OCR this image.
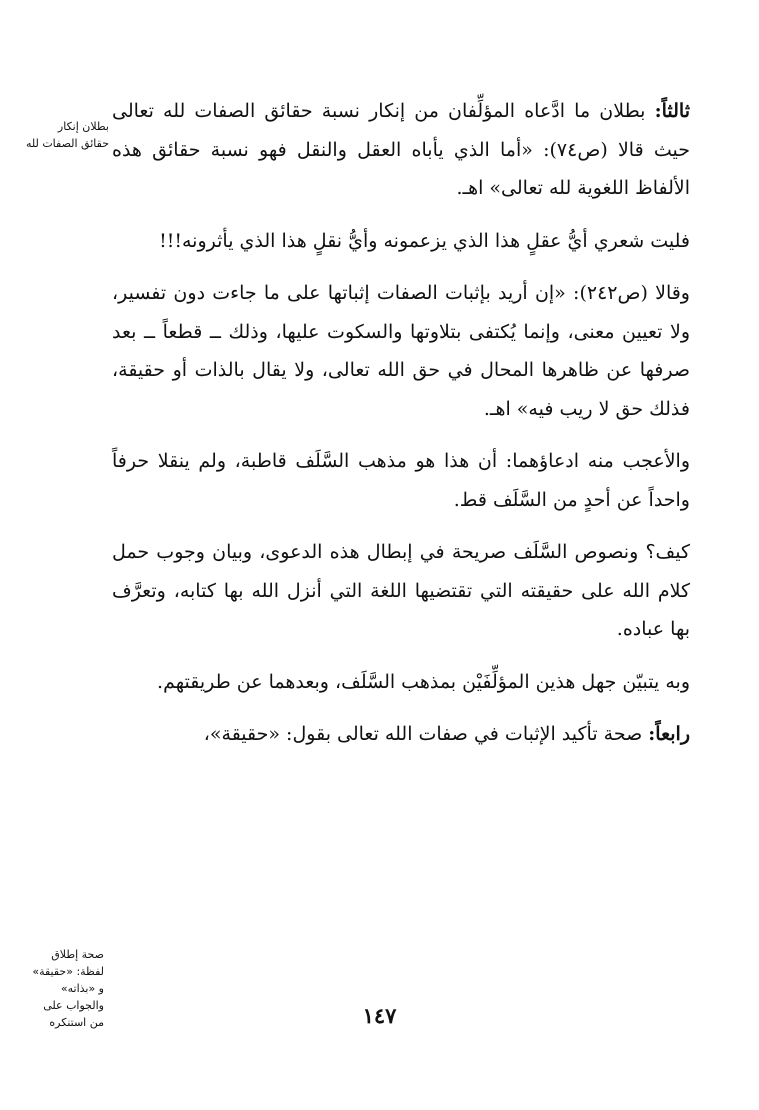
بطلان إنكار
حقائق الصفات لله

ثالثاً: بطلان ما ادَّعاه المؤلِّفان من إنكار نسبة حقائق الصفات لله تعالى حيث قالا (ص٧٤): «أما الذي يأباه العقل والنقل فهو نسبة حقائق هذه الألفاظ اللغوية لله تعالى» اهـ.

فليت شعري أيُّ عقلٍ هذا الذي يزعمونه وأيُّ نقلٍ هذا الذي يأثرونه!!!

وقالا (ص٢٤٢): «إن أريد بإثبات الصفات إثباتها على ما جاءت دون تفسير، ولا تعيين معنى، وإنما يُكتفى بتلاوتها والسكوت عليها، وذلك ــ قطعاً ــ بعد صرفها عن ظاهرها المحال في حق الله تعالى، ولا يقال بالذات أو حقيقة، فذلك حق لا ريب فيه» اهـ.

والأعجب منه ادعاؤهما: أن هذا هو مذهب السَّلَف قاطبة، ولم ينقلا حرفاً واحداً عن أحدٍ من السَّلَف قط.

كيف؟ ونصوص السَّلَف صريحة في إبطال هذه الدعوى، وبيان وجوب حمل كلام الله على حقيقته التي تقتضيها اللغة التي أنزل الله بها كتابه، وتعرَّف بها عباده.

وبه يتبيّن جهل هذين المؤلِّفَيْن بمذهب السَّلَف، وبعدهما عن طريقتهم.

رابعاً: صحة تأكيد الإثبات في صفات الله تعالى بقول: «حقيقة»،

صحة إطلاق
لفظة: «حقيقة»
و «بذاته»
والجواب على
من استنكره	١٤٧
